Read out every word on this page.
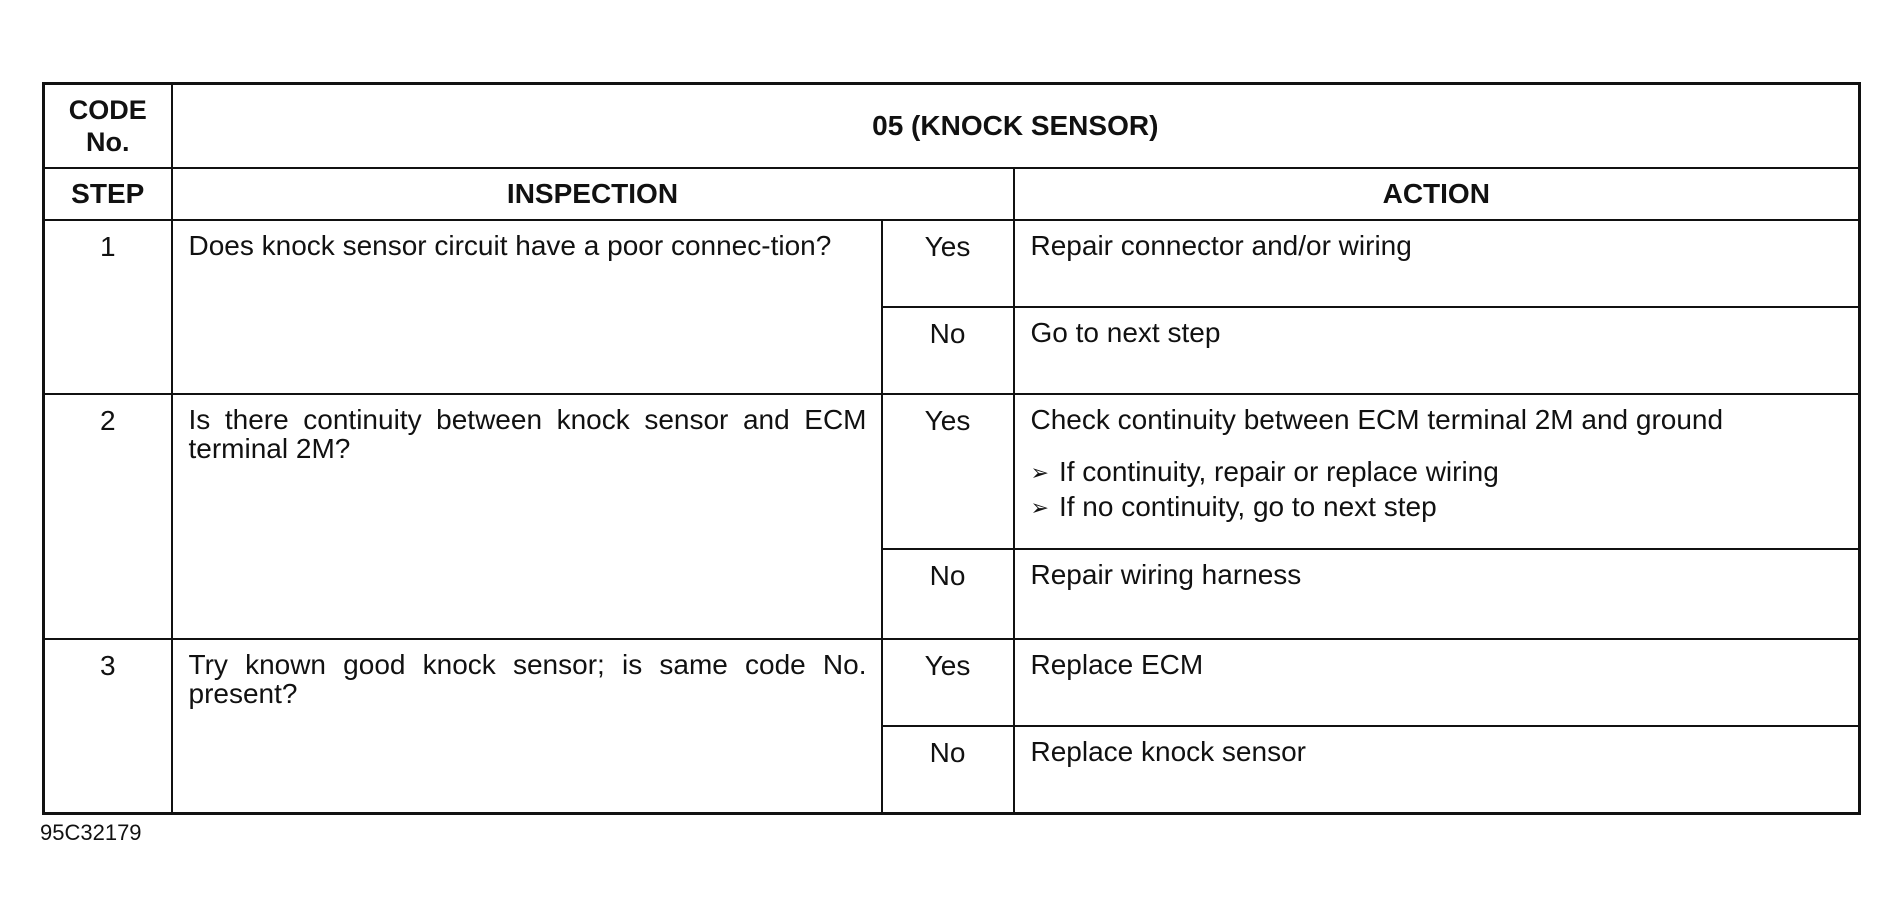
CODE
No.	05 (KNOCK SENSOR)		
STEP	INSPECTION		ACTION
1	Does knock sensor circuit have a poor connec-tion?	Yes	Repair connector and/or wiring
		No	Go to next step
2	Is there continuity between knock sensor and ECM terminal 2M?	Yes	Check continuity between ECM terminal 2M and ground
➢ If continuity, repair or replace wiring
➢ If no continuity, go to next step

		No	Repair wiring harness
3	Try known good knock sensor; is same code No. present?	Yes	Replace ECM
		No	Replace knock sensor
95C32179
